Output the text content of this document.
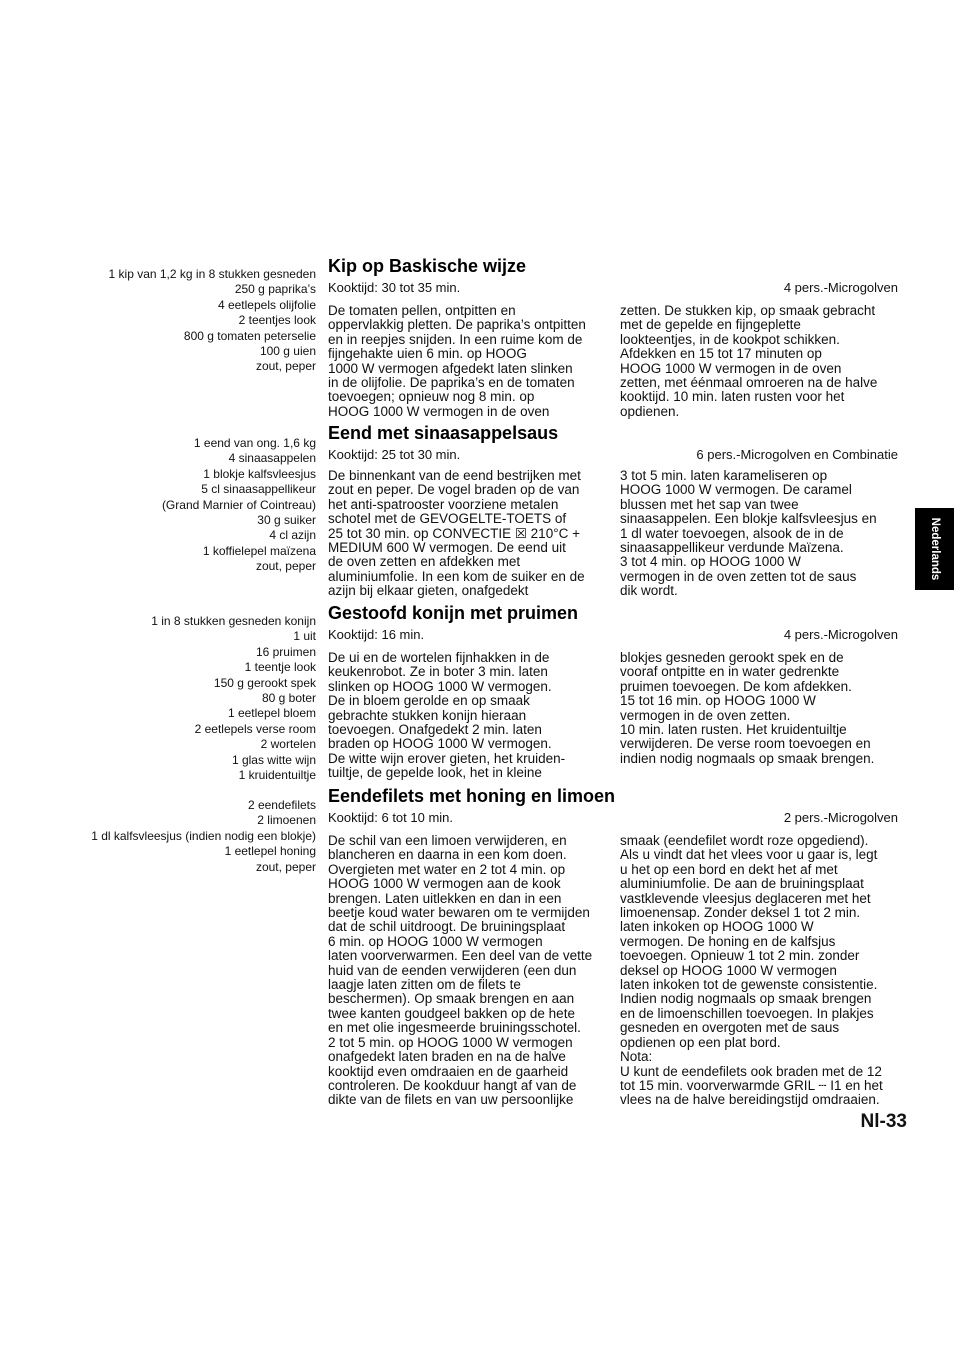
1 kip van 1,2 kg in 8 stukken gesneden
250 g paprika’s
4 eetlepels olijfolie
2 teentjes look
800 g tomaten peterselie
100 g uien
zout, peper
Kip op Baskische wijze
Kooktijd: 30 tot 35 min.	4 pers.-Microgolven
De tomaten pellen, ontpitten en
oppervlakkig pletten. De paprika’s ontpitten
en in reepjes snijden. In een ruime kom de
fijngehakte uien 6 min. op HOOG
1000 W vermogen afgedekt laten slinken
in de olijfolie. De paprika’s en de tomaten
toevoegen; opnieuw nog 8 min. op
HOOG 1000 W vermogen in de oven
zetten. De stukken kip, op smaak gebracht
met de gepelde en fijngeplette
lookteentjes, in de kookpot schikken.
Afdekken en 15 tot 17 minuten op
HOOG 1000 W vermogen in de oven
zetten, met éénmaal omroeren na de halve
kooktijd. 10 min. laten rusten voor het
opdienen.
1 eend van ong. 1,6 kg
4 sinaasappelen
1 blokje kalfsvleesjus
5 cl sinaasappellikeur
(Grand Marnier of Cointreau)
30 g suiker
4 cl azijn
1 koffielepel maïzena
zout, peper
Eend met sinaasappelsaus
Kooktijd: 25 tot 30 min.	6 pers.-Microgolven en Combinatie
De binnenkant van de eend bestrijken met
zout en peper. De vogel braden op de van
het anti-spatrooster voorziene metalen
schotel met de GEVOGELTE-TOETS of
25 tot 30 min. op CONVECTIE ☒ 210°C +
MEDIUM 600 W vermogen. De eend uit
de oven zetten en afdekken met
aluminiumfolie. In een kom de suiker en de
azijn bij elkaar gieten, onafgedekt
3 tot 5 min. laten karameliseren op
HOOG 1000 W vermogen. De caramel
blussen met het sap van twee
sinaasappelen. Een blokje kalfsvleesjus en
1 dl water toevoegen, alsook de in de
sinaasappellikeur verdunde Maïzena.
3 tot 4 min. op HOOG 1000 W
vermogen in de oven zetten tot de saus
dik wordt.
1 in 8 stukken gesneden konijn
1 uit
16 pruimen
1 teentje look
150 g gerookt spek
80 g boter
1 eetlepel bloem
2 eetlepels verse room
2 wortelen
1 glas witte wijn
1 kruidentuiltje
Gestoofd konijn met pruimen
Kooktijd: 16 min.	4 pers.-Microgolven
De ui en de wortelen fijnhakken in de
keukenrobot. Ze in boter 3 min. laten
slinken op HOOG 1000 W vermogen.
De in bloem gerolde en op smaak
gebrachte stukken konijn hieraan
toevoegen. Onafgedekt 2 min. laten
braden op HOOG 1000 W vermogen.
De witte wijn erover gieten, het kruiden-
tuiltje, de gepelde look, het in kleine
blokjes gesneden gerookt spek en de
vooraf ontpitte en in water gedrenkte
pruimen toevoegen. De kom afdekken.
15 tot 16 min. op HOOG 1000 W
vermogen in de oven zetten.
10 min. laten rusten. Het kruidentuiltje
verwijderen. De verse room toevoegen en
indien nodig nogmaals op smaak brengen.
2 eendefilets
2 limoenen
1 dl kalfsvleesjus (indien nodig een blokje)
1 eetlepel honing
zout, peper
Eendefilets met honing en limoen
Kooktijd: 6 tot 10 min.	2 pers.-Microgolven
De schil van een limoen verwijderen, en
blancheren en daarna in een kom doen.
Overgieten met water en 2 tot 4 min. op
HOOG 1000 W vermogen aan de kook
brengen. Laten uitlekken en dan in een
beetje koud water bewaren om te vermijden
dat de schil uitdroogt. De bruiningsplaat
6 min. op HOOG 1000 W vermogen
laten voorverwarmen. Een deel van de vette
huid van de eenden verwijderen (een dun
laagje laten zitten om de filets te
beschermen). Op smaak brengen en aan
twee kanten goudgeel bakken op de hete
en met olie ingesmeerde bruiningsschotel.
2 tot 5 min. op HOOG 1000 W vermogen
onafgedekt laten braden en na de halve
kooktijd even omdraaien en de gaarheid
controleren. De kookduur hangt af van de
dikte van de filets en van uw persoonlijke
smaak (eendefilet wordt roze opgediend).
Als u vindt dat het vlees voor u gaar is, legt
u het op een bord en dekt het af met
aluminiumfolie. De aan de bruiningsplaat
vastklevende vleesjus deglaceren met het
limoenensap. Zonder deksel 1 tot 2 min.
laten inkoken op HOOG 1000 W
vermogen. De honing en de kalfsjus
toevoegen. Opnieuw 1 tot 2 min. zonder
deksel op HOOG 1000 W vermogen
laten inkoken tot de gewenste consistentie.
Indien nodig nogmaals op smaak brengen
en de limoenschillen toevoegen. In plakjes
gesneden en overgoten met de saus
opdienen op een plat bord.
Nota:
U kunt de eendefilets ook braden met de 12
tot 15 min. voorverwarmde GRIL ┄ I1 en het
vlees na de halve bereidingstijd omdraaien.
Nederlands
Nl-33
